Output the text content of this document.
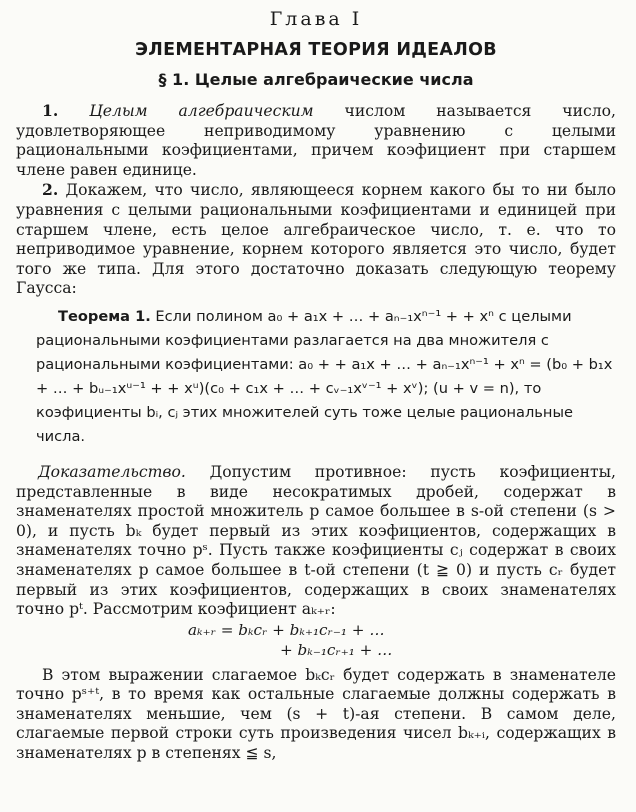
Глава I
ЭЛЕМЕНТАРНАЯ ТЕОРИЯ ИДЕАЛОВ
§ 1. Целые алгебраические числа

1. Целым алгебраическим числом называется число, удовлетворяющее неприводимому уравнению с целыми рациональными коэфициентами, причем коэфициент при старшем члене равен единице.

2. Докажем, что число, являющееся корнем какого бы то ни было уравнения с целыми рациональными коэфициентами и единицей при старшем члене, есть целое алгебраическое число, т. е. что то неприводимое уравнение, корнем которого является это число, будет того же типа. Для этого достаточно доказать следующую теорему Гаусса:

Теорема 1. Если полином a₀ + a₁x + … + aₙ₋₁xⁿ⁻¹ + + xⁿ с целыми рациональными коэфициентами разлагается на два множителя с рациональными коэфициентами: a₀ + + a₁x + … + aₙ₋₁xⁿ⁻¹ + xⁿ = (b₀ + b₁x + … + bᵤ₋₁xᵘ⁻¹ + + xᵘ)(c₀ + c₁x + … + cᵥ₋₁xᵛ⁻¹ + xᵛ); (u + v = n), то коэфициенты bᵢ, cⱼ этих множителей суть тоже целые рациональные числа.

Доказательство. Допустим противное: пусть коэфициенты, представленные в виде несократимых дробей, содержат в знаменателях простой множитель p самое большее в s-ой степени (s > 0), и пусть bₖ будет первый из этих коэфициентов, содержащих в знаменателях точно pˢ. Пусть также коэфициенты cⱼ содержат в своих знаменателях p самое большее в t-ой степени (t ≧ 0) и пусть cᵣ будет первый из этих коэфициентов, содержащих в своих знаменателях точно pᵗ. Рассмотрим коэфициент aₖ₊ᵣ:

aₖ₊ᵣ = bₖcᵣ + bₖ₊₁cᵣ₋₁ + …
+ bₖ₋₁cᵣ₊₁ + …

В этом выражении слагаемое bₖcᵣ будет содержать в знаменателе точно pˢ⁺ᵗ, в то время как остальные слагаемые должны содержать в знаменателях меньшие, чем (s + t)-ая степени. В самом деле, слагаемые первой строки суть произведения чисел bₖ₊ᵢ, содержащих в знаменателях p в степенях ≦ s,
